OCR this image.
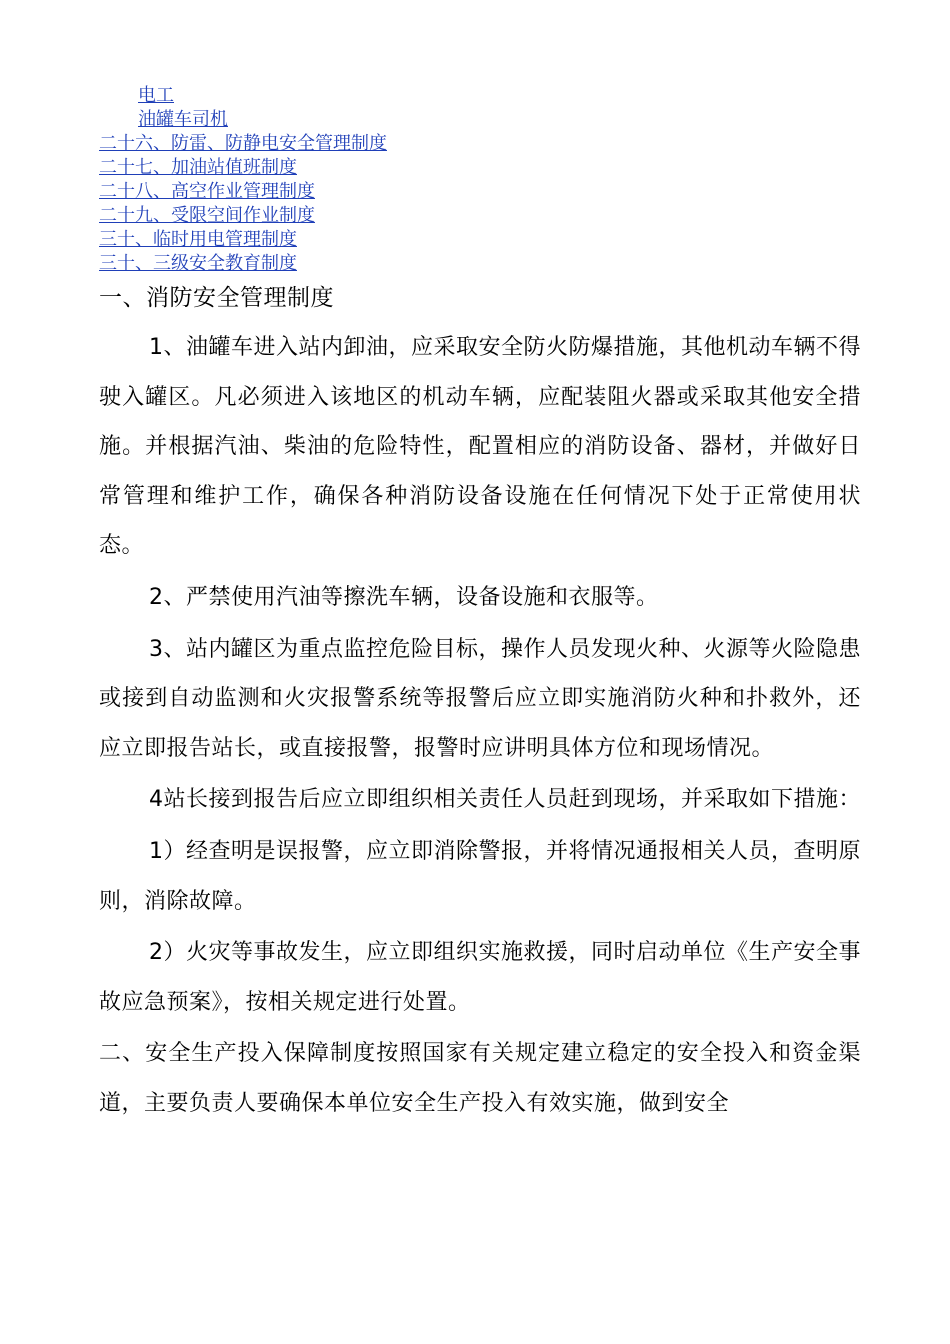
电工
油罐车司机
二十六、防雷、防静电安全管理制度
二十七、加油站值班制度
二十八、高空作业管理制度
二十九、受限空间作业制度
三十、临时用电管理制度
三十、三级安全教育制度

一、消防安全管理制度

1、油罐车进入站内卸油，应采取安全防火防爆措施，其他机动车辆不得驶入罐区。凡必须进入该地区的机动车辆，应配装阻火器或采取其他安全措施。并根据汽油、柴油的危险特性，配置相应的消防设备、器材，并做好日常管理和维护工作，确保各种消防设备设施在任何情况下处于正常使用状态。

2、严禁使用汽油等擦洗车辆，设备设施和衣服等。

3、站内罐区为重点监控危险目标，操作人员发现火种、火源等火险隐患或接到自动监测和火灾报警系统等报警后应立即实施消防火种和扑救外，还应立即报告站长，或直接报警，报警时应讲明具体方位和现场情况。

4站长接到报告后应立即组织相关责任人员赶到现场，并采取如下措施：

1）经查明是误报警，应立即消除警报，并将情况通报相关人员，查明原则，消除故障。

2）火灾等事故发生，应立即组织实施救援，同时启动单位《生产安全事故应急预案》，按相关规定进行处置。

二、安全生产投入保障制度按照国家有关规定建立稳定的安全投入和资金渠道，主要负责人要确保本单位安全生产投入有效实施，做到安全
